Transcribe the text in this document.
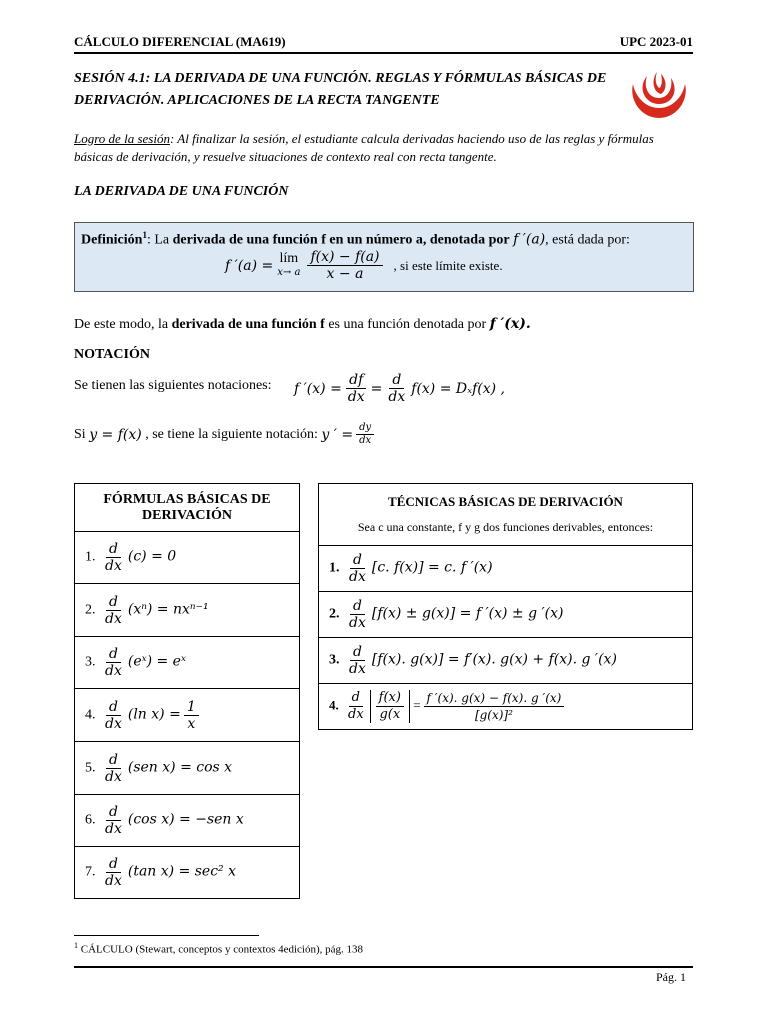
CÁLCULO DIFERENCIAL (MA619)	UPC 2023-01
SESIÓN 4.1: LA DERIVADA DE UNA FUNCIÓN. REGLAS Y FÓRMULAS BÁSICAS DE DERIVACIÓN. APLICACIONES DE LA RECTA TANGENTE
Logro de la sesión: Al finalizar la sesión, el estudiante calcula derivadas haciendo uso de las reglas y fórmulas básicas de derivación, y resuelve situaciones de contexto real con recta tangente.
LA DERIVADA DE UNA FUNCIÓN
Definición$^1$: La derivada de una función f en un número a, denotada por f ′(a), está dada por:
f ′(a) = lím
x→ a $\frac{f(x) - f(a)}{x - a}$ , si este límite existe.
De este modo, la derivada de una función f es una función denotada por f ′(x).
NOTACIÓN
Se tienen las siguientes notaciones: f $'(x) = \frac{df}{dx} = \frac{d}{dx} f(x) = D_xf(x)$ ,
Si
y = f(x)
, se tiene la siguiente notación:
y ′ = $\frac{dy}{dx}$
FÓRMULAS BÁSICAS DE DERIVACIÓN
1. $\frac{d}{dx} (c) = 0$
2. $\frac{d}{dx} (x^n) = nx^{n-1}$
3. $\frac{d}{dx}$ (eˣ) = eˣ
4. $\frac{d}{dx} (\ln$ $x) = \frac{1}{x}$

5. $\frac{d}{dx} (sen$ x) = cos x
6. $\frac{d}{dx} (\cos$ x) = −sen x
7. $\frac{d}{dx} (\tan$ x) = sec² x
TÉCNICAS BÁSICAS DE DERIVACIÓN
Sea c una constante, f y g dos funciones derivables, entonces:

1. $\frac{d}{dx} [c$. f(x)] = c. f ′(x)
2. $\frac{d}{dx} [f(x) \pm g(x)] = f$ ′(x) ± g ′(x)
3. $\frac{d}{dx} [f(x)$. g(x)] = f′(x). g(x) + f(x). g ′(x)
4. $\frac{d}{dx} \frac{f(x)}{g(x} = \frac{f '(x). g(x) - f(x). g '(x)}{\text{[g(x)]²}}$
$^1$ CÁLCULO (Stewart, conceptos y contextos 4edición), pág. 138
Pág. 1
